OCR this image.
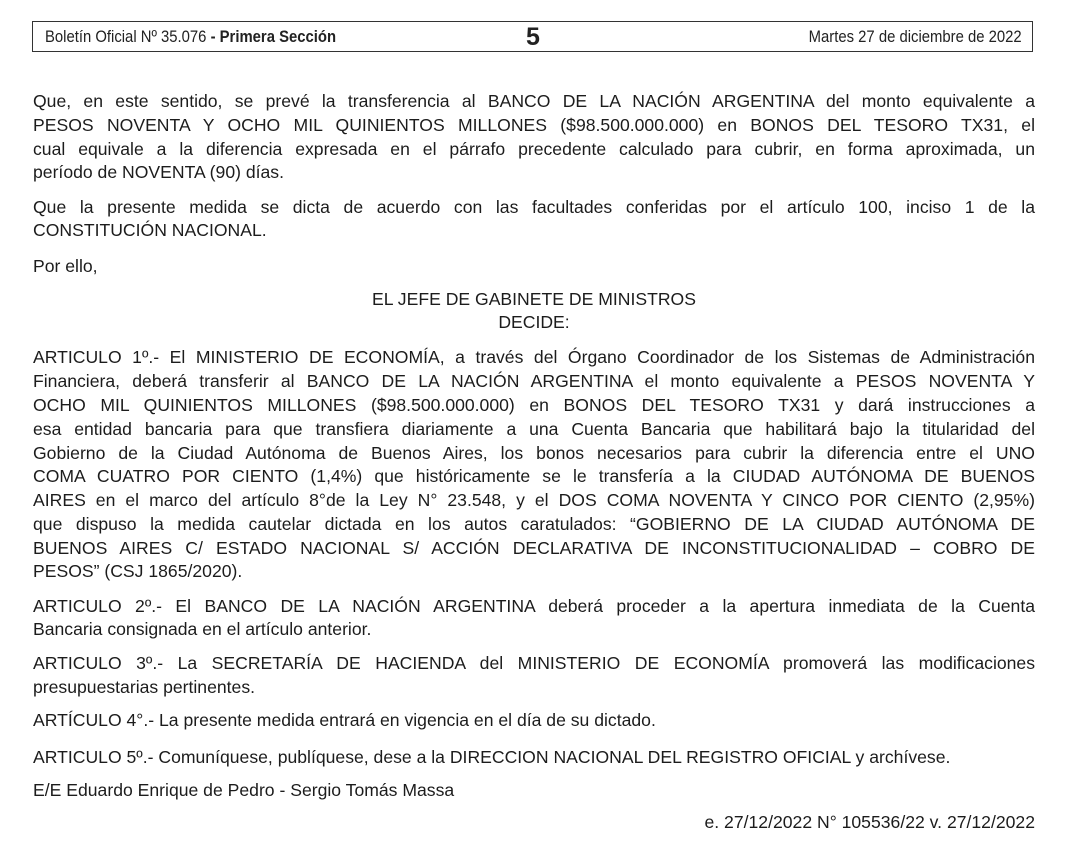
Boletín Oficial Nº 35.076 - Primera Sección	5	Martes 27 de diciembre de 2022
Que, en este sentido, se prevé la transferencia al BANCO DE LA NACIÓN ARGENTINA del monto equivalente a
PESOS NOVENTA Y OCHO MIL QUINIENTOS MILLONES ($98.500.000.000) en BONOS DEL TESORO TX31, el
cual equivale a la diferencia expresada en el párrafo precedente calculado para cubrir, en forma aproximada, un
período de NOVENTA (90) días.
Que la presente medida se dicta de acuerdo con las facultades conferidas por el artículo 100, inciso 1 de la
CONSTITUCIÓN NACIONAL.
Por ello,
EL JEFE DE GABINETE DE MINISTROS
DECIDE:
ARTICULO 1º.- El MINISTERIO DE ECONOMÍA, a través del Órgano Coordinador de los Sistemas de Administración
Financiera, deberá transferir al BANCO DE LA NACIÓN ARGENTINA el monto equivalente a PESOS NOVENTA Y
OCHO MIL QUINIENTOS MILLONES ($98.500.000.000) en BONOS DEL TESORO TX31 y dará instrucciones a
esa entidad bancaria para que transfiera diariamente a una Cuenta Bancaria que habilitará bajo la titularidad del
Gobierno de la Ciudad Autónoma de Buenos Aires, los bonos necesarios para cubrir la diferencia entre el UNO
COMA CUATRO POR CIENTO (1,4%) que históricamente se le transfería a la CIUDAD AUTÓNOMA DE BUENOS
AIRES en el marco del artículo 8°de la Ley N° 23.548, y el DOS COMA NOVENTA Y CINCO POR CIENTO (2,95%)
que dispuso la medida cautelar dictada en los autos caratulados: “GOBIERNO DE LA CIUDAD AUTÓNOMA DE
BUENOS AIRES C/ ESTADO NACIONAL S/ ACCIÓN DECLARATIVA DE INCONSTITUCIONALIDAD – COBRO DE
PESOS” (CSJ 1865/2020).
ARTICULO 2º.- El BANCO DE LA NACIÓN ARGENTINA deberá proceder a la apertura inmediata de la Cuenta
Bancaria consignada en el artículo anterior.
ARTICULO 3º.- La SECRETARÍA DE HACIENDA del MINISTERIO DE ECONOMÍA promoverá las modificaciones
presupuestarias pertinentes.
ARTÍCULO 4°.- La presente medida entrará en vigencia en el día de su dictado.
ARTICULO 5º.- Comuníquese, publíquese, dese a la DIRECCION NACIONAL DEL REGISTRO OFICIAL y archívese.
E/E Eduardo Enrique de Pedro - Sergio Tomás Massa
e. 27/12/2022 N° 105536/22 v. 27/12/2022
